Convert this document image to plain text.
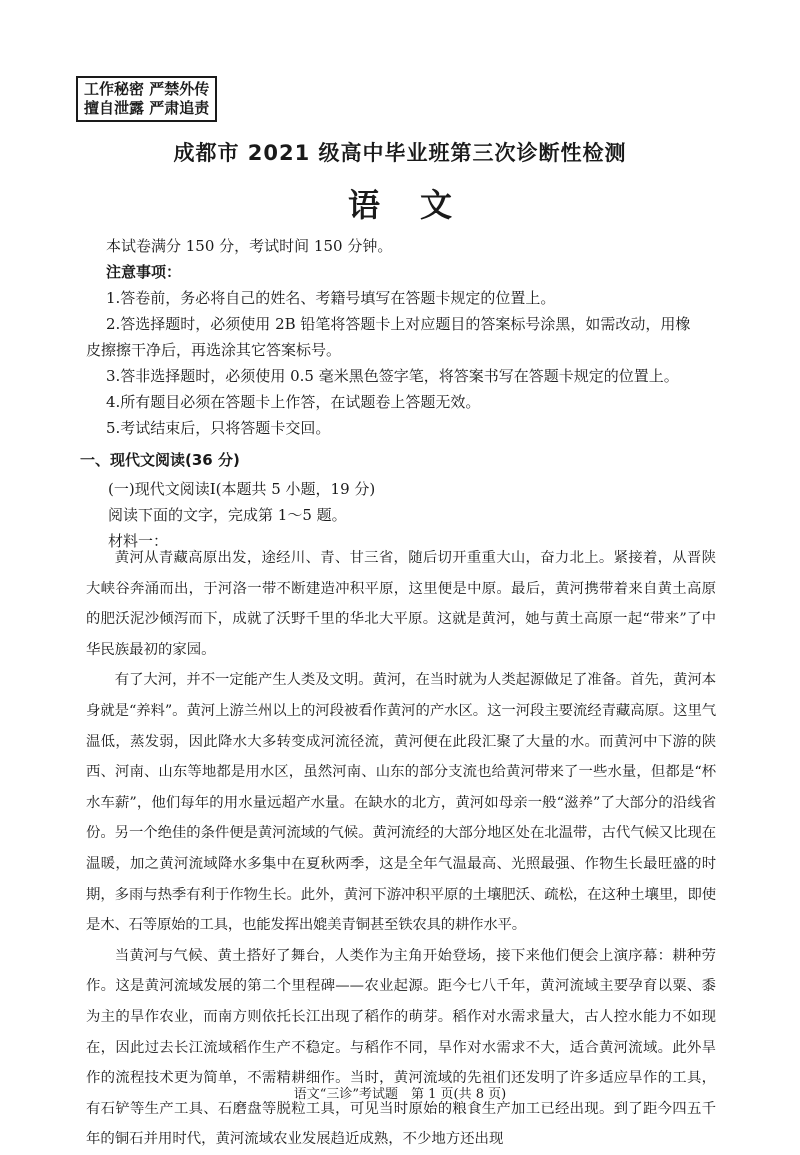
工作秘密 严禁外传
擅自泄露 严肃追责
成都市 2021 级高中毕业班第三次诊断性检测
语文
本试卷满分 150 分，考试时间 150 分钟。
注意事项：
1.答卷前，务必将自己的姓名、考籍号填写在答题卡规定的位置上。
2.答选择题时，必须使用 2B 铅笔将答题卡上对应题目的答案标号涂黑，如需改动，用橡
皮擦擦干净后，再选涂其它答案标号。
3.答非选择题时，必须使用 0.5 毫米黑色签字笔，将答案书写在答题卡规定的位置上。
4.所有题目必须在答题卡上作答，在试题卷上答题无效。
5.考试结束后，只将答题卡交回。
一、现代文阅读(36 分)
(一)现代文阅读Ⅰ(本题共 5 小题，19 分)
阅读下面的文字，完成第 1～5 题。
材料一：

黄河从青藏高原出发，途经川、青、甘三省，随后切开重重大山，奋力北上。紧接着，从晋陕大峡谷奔涌而出，于河洛一带不断建造冲积平原，这里便是中原。最后，黄河携带着来自黄土高原的肥沃泥沙倾泻而下，成就了沃野千里的华北大平原。这就是黄河，她与黄土高原一起“带来”了中华民族最初的家园。

有了大河，并不一定能产生人类及文明。黄河，在当时就为人类起源做足了准备。首先，黄河本身就是“养料”。黄河上游兰州以上的河段被看作黄河的产水区。这一河段主要流经青藏高原。这里气温低，蒸发弱，因此降水大多转变成河流径流，黄河便在此段汇聚了大量的水。而黄河中下游的陕西、河南、山东等地都是用水区，虽然河南、山东的部分支流也给黄河带来了一些水量，但都是“杯水车薪”，他们每年的用水量远超产水量。在缺水的北方，黄河如母亲一般“滋养”了大部分的沿线省份。另一个绝佳的条件便是黄河流域的气候。黄河流经的大部分地区处在北温带，古代气候又比现在温暖，加之黄河流域降水多集中在夏秋两季，这是全年气温最高、光照最强、作物生长最旺盛的时期，多雨与热季有利于作物生长。此外，黄河下游冲积平原的土壤肥沃、疏松，在这种土壤里，即使是木、石等原始的工具，也能发挥出媲美青铜甚至铁农具的耕作水平。

当黄河与气候、黄土搭好了舞台，人类作为主角开始登场，接下来他们便会上演序幕：耕种劳作。这是黄河流域发展的第二个里程碑——农业起源。距今七八千年，黄河流域主要孕育以粟、黍为主的旱作农业，而南方则依托长江出现了稻作的萌芽。稻作对水需求量大，古人控水能力不如现在，因此过去长江流域稻作生产不稳定。与稻作不同，旱作对水需求不大，适合黄河流域。此外旱作的流程技术更为简单，不需精耕细作。当时，黄河流域的先祖们还发明了许多适应旱作的工具，有石铲等生产工具、石磨盘等脱粒工具，可见当时原始的粮食生产加工已经出现。到了距今四五千年的铜石并用时代，黄河流域农业发展趋近成熟，不少地方还出现

语文“三诊”考试题　第 1 页(共 8 页)
